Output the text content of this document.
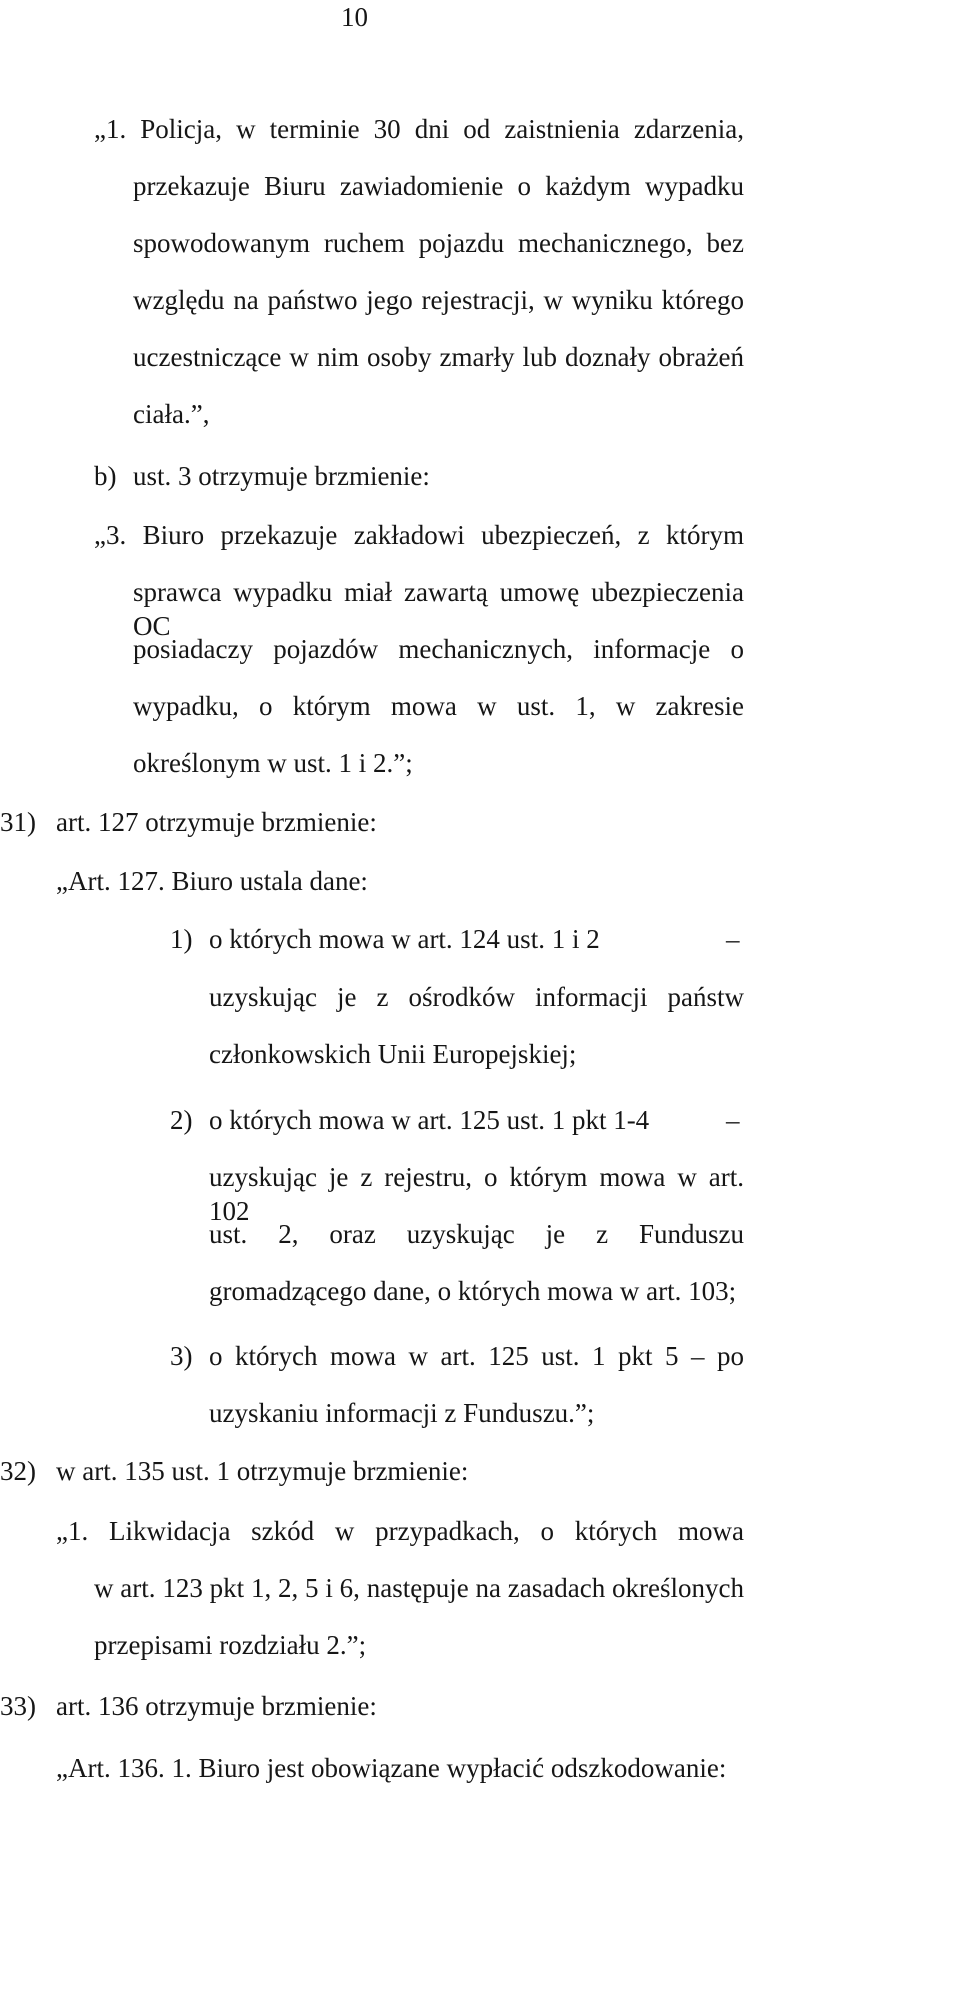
10
„1. Policja, w terminie 30 dni od zaistnienia zdarzenia,
przekazuje Biuru zawiadomienie o każdym wypadku
spowodowanym ruchem pojazdu mechanicznego, bez
względu na państwo jego rejestracji, w wyniku którego
uczestniczące w nim osoby zmarły lub doznały obrażeń
ciała.”,
b) ust. 3 otrzymuje brzmienie:
„3. Biuro przekazuje zakładowi ubezpieczeń, z którym
sprawca wypadku miał zawartą umowę ubezpieczenia OC
posiadaczy pojazdów mechanicznych, informacje o
wypadku, o którym mowa w ust. 1, w zakresie
określonym w ust. 1 i 2.”;
31) art. 127 otrzymuje brzmienie:
„Art. 127. Biuro ustala dane:
1) o których mowa w art. 124 ust. 1 i 2	–
uzyskując je z ośrodków informacji państw
członkowskich Unii Europejskiej;
2) o których mowa w art. 125 ust. 1 pkt 1-4	–
uzyskując je z rejestru, o którym mowa w art. 102
ust. 2, oraz uzyskując je z Funduszu
gromadzącego dane, o których mowa w art. 103;
3) o których mowa w art. 125 ust. 1 pkt 5 – po
uzyskaniu informacji z Funduszu.”;
32) w art. 135 ust. 1 otrzymuje brzmienie:
„1. Likwidacja szkód w przypadkach, o których mowa
w art. 123 pkt 1, 2, 5 i 6, następuje na zasadach określonych
przepisami rozdziału 2.”;
33) art. 136 otrzymuje brzmienie:
„Art. 136. 1. Biuro jest obowiązane wypłacić odszkodowanie:
